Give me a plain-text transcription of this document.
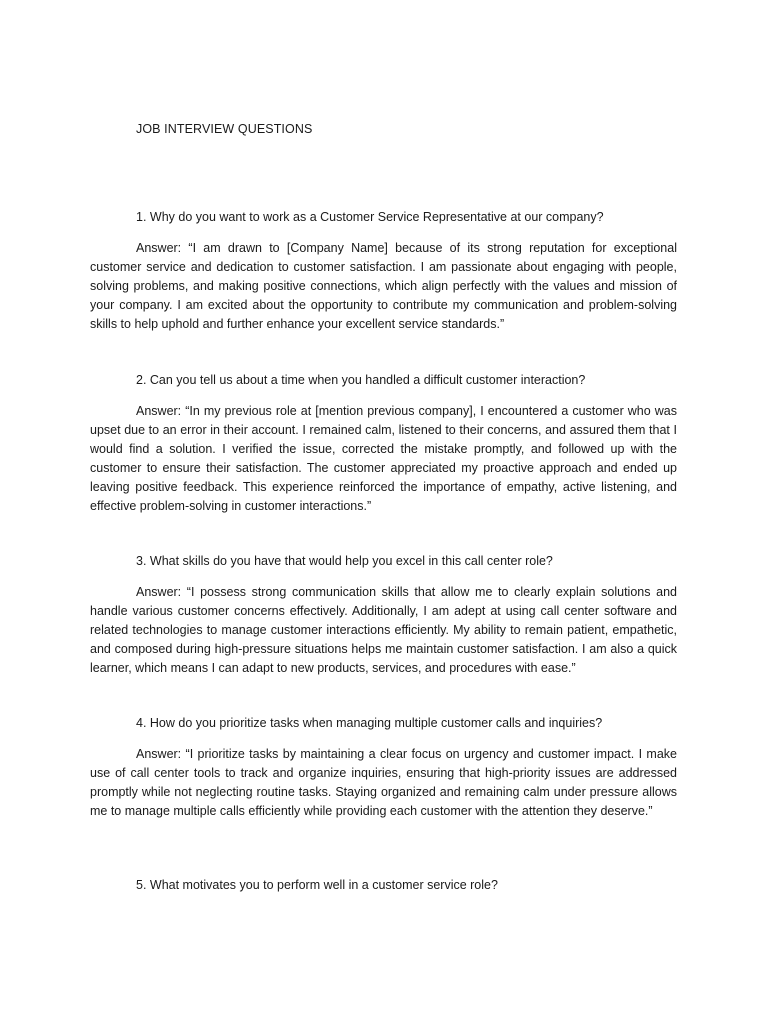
JOB INTERVIEW QUESTIONS

1. Why do you want to work as a Customer Service Representative at our company?

Answer: “I am drawn to [Company Name] because of its strong reputation for exceptional customer service and dedication to customer satisfaction. I am passionate about engaging with people, solving problems, and making positive connections, which align perfectly with the values and mission of your company. I am excited about the opportunity to contribute my communication and problem-solving skills to help uphold and further enhance your excellent service standards.”

2. Can you tell us about a time when you handled a difficult customer interaction?

Answer: “In my previous role at [mention previous company], I encountered a customer who was upset due to an error in their account. I remained calm, listened to their concerns, and assured them that I would find a solution. I verified the issue, corrected the mistake promptly, and followed up with the customer to ensure their satisfaction. The customer appreciated my proactive approach and ended up leaving positive feedback. This experience reinforced the importance of empathy, active listening, and effective problem-solving in customer interactions.”

3. What skills do you have that would help you excel in this call center role?

Answer: “I possess strong communication skills that allow me to clearly explain solutions and handle various customer concerns effectively. Additionally, I am adept at using call center software and related technologies to manage customer interactions efficiently. My ability to remain patient, empathetic, and composed during high-pressure situations helps me maintain customer satisfaction. I am also a quick learner, which means I can adapt to new products, services, and procedures with ease.”

4. How do you prioritize tasks when managing multiple customer calls and inquiries?

Answer: “I prioritize tasks by maintaining a clear focus on urgency and customer impact. I make use of call center tools to track and organize inquiries, ensuring that high-priority issues are addressed promptly while not neglecting routine tasks. Staying organized and remaining calm under pressure allows me to manage multiple calls efficiently while providing each customer with the attention they deserve.”

5. What motivates you to perform well in a customer service role?
